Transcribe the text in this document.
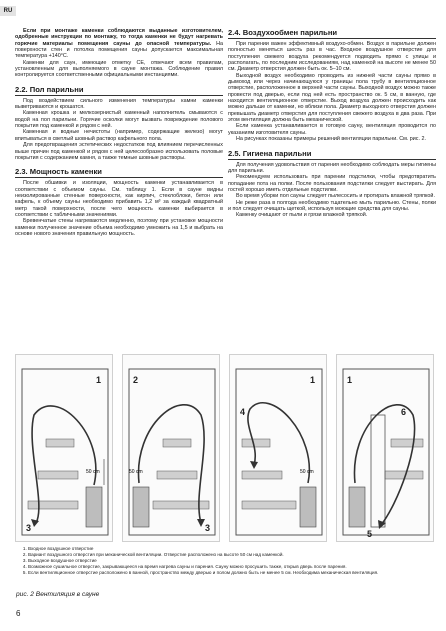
RU

Если при монтаже каменки соблюдаются выданные изготовителем, одобренные инструкции по монтажу, то тогда каменки не будут нагревать горючие материалы помещения сауны до опасной температуры. На поверхности стен и потолка помещения сауны допускается максимальная температура +140°С.

Каменки для саун, имеющие отметку CE, отвечают всем правилам, установленным для выполняемого в сауне монтажа. Соблюдение правил контролируется соответственными официальными инстанциями.

2.2. Пол парильни

Под воздействием сильного изменения температуры камни каменки выветриваются и крошатся.

Каменная крошка и мелкозернистый каменный наполнитель смываются с водой на пол парильни. Горячие осколки могут вызвать повреждение полового покрытия под каменкой и рядом с ней.

Каменная и водные нечистоты (например, содержащие железо) могут впитываться в светлый шовный раствор кафельного пола.

Для предотвращения эстетических недостатков под влиянием перечисленных выше причин под каменкой и рядом с ней целесообразно использовать половые покрытия с содержанием камня, а также темные шовные растворы.

2.3. Мощность каменки

После обшивки и изоляции, мощность каменки устанавливается в соответствии с объемом сауны. См. таблицу 1. Если в сауне видны неизолированные стенные поверхности, как кирпич, стеклоблоки, бетон или кафель, к объему сауны необходимо прибавить 1,2 м³ за каждый квадратный метр такой поверхности, после чего мощность каменки выбирается в соответствии с табличными значениями.

Бревенчатые стены нагреваются медленно, поэтому при установке мощности каменки полученное значение объема необходимо умножить на 1,5 и выбрать на основе нового значения правильную мощность.

2.4. Воздухообмен парильни

При парении важен эффективный воздухо-обмен. Воздух в парильне должен полностью меняться шесть раз в час. Входное воздушное отверстие для поступления свежего воздуха рекомендуется подводить прямо с улицы и располагать, по последним исследованиям, над каменкой на высоте не менее 50 см. Диаметр отверстия должен быть ок. 5–10 см.

Выходной воздух необходимо проводить из нижней части сауны прямо в дымоход или через начинающуюся у границы пола трубу в вентиляционное отверстие, расположенное в верхней части сауны. Выходной воздух можно также провести под дверью, если под ней есть пространство ок. 5 см, в ванную, где находится вентиляционное отверстие. Выход воздуха должен происходить как можно дальше от каменки, но вблизи пола. Диаметр выходного отверстия должен превышать диаметр отверстия для поступления свежего воздуха в два раза. При этом вентиляция должна быть механической.

Если каменка устанавливается в готовую сауну, вентиляция проводится по указаниям изготовителя сауны.

На рисунках показаны примеры решений вентиляции парильни. См. рис. 2.

2.5. Гигиена парильни

Для получения удовольствия от парения необходимо соблюдать меры гигиены для парильни.

Рекомендуем использовать при парении подстилки, чтобы предотвратить попадание пота на полки. После пользования подстилки следует выстирать. Для гостей хорошо иметь отдельные подстилки.

Во время уборки пол сауны следует пылесосить и протирать влажной тряпкой.

Не реже раза в полгода необходимо тщательно мыть парильню. Стены, полки и пол следует очищать щеткой, используя моющие средства для сауны.

Каменку очищают от пыли и грязи влажной тряпкой.

50 cm
1
3
50 cm
2
3
50 cm
1
4
1
6
5
1. Входное воздушное отверстие
2. Вариант воздушного отверстия при механической вентиляции. Отверстие расположено на высоте 50 см над каменкой.
3. Выходное воздушное отверстие
4. Возможное сушильное отверстие, закрывающееся на время нагрева сауны и парения. Сауну можно просушить также, открыв дверь после парения.
5. Если вентиляционное отверстие расположено в ванной, пространство между дверью и полом должно быть не менее 5 см. Необходима механическая вентиляция.
рис. 2 Вентиляция в сауне
6
